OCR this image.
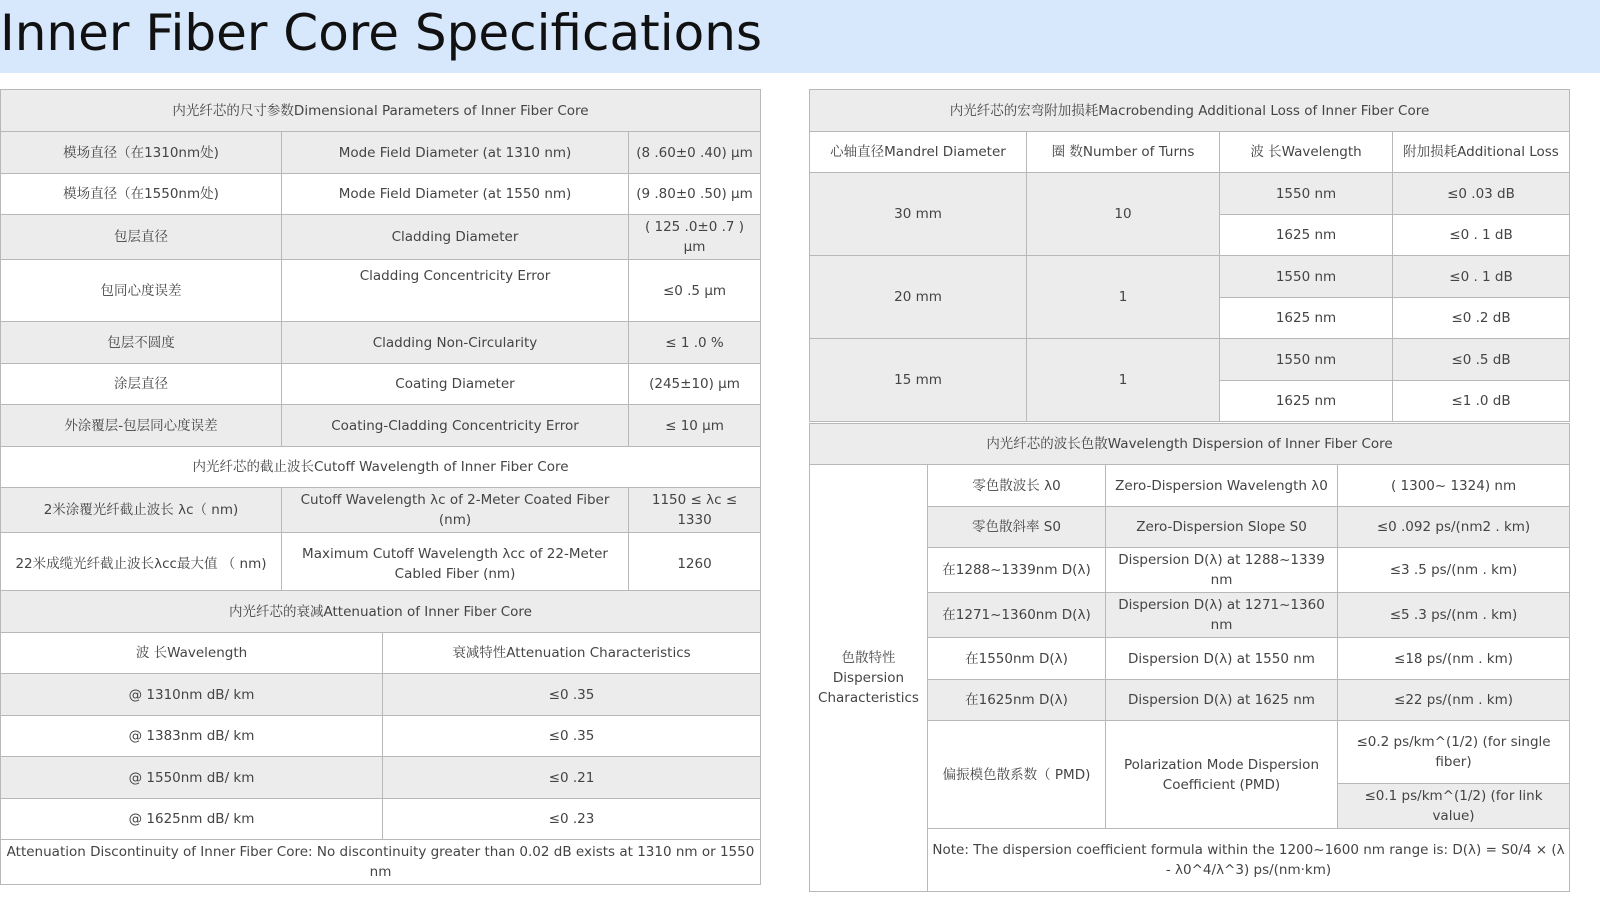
Inner Fiber Core Specifications
内光纤芯的尺寸参数Dimensional Parameters of Inner Fiber Core		
模场直径（在1310nm处)	Mode Field Diameter (at 1310 nm)	(8 .60±0 .40) μm
模场直径（在1550nm处)	Mode Field Diameter (at 1550 nm)	(9 .80±0 .50) μm
包层直径	Cladding Diameter	( 125 .0±0 .7 ) μm
包同心度误差	Cladding Concentricity Error	≤0 .5 μm
包层不圆度	Cladding Non-Circularity	≤ 1 .0 %
涂层直径	Coating Diameter	(245±10) μm
外涂覆层-包层同心度误差	Coating-Cladding Concentricity Error	≤ 10 μm
内光纤芯的截止波长Cutoff Wavelength of Inner Fiber Core		
2米涂覆光纤截止波长 λc（ nm)	Cutoff Wavelength λc of 2-Meter Coated Fiber (nm)	1150 ≤ λc ≤ 1330
22米成缆光纤截止波长λcc最大值 （ nm)	Maximum Cutoff Wavelength λcc of 22-Meter Cabled Fiber (nm)	1260
内光纤芯的衰减Attenuation of Inner Fiber Core	
波 长Wavelength	衰减特性Attenuation Characteristics
@ 1310nm dB/ km	≤0 .35
@ 1383nm dB/ km	≤0 .35
@ 1550nm dB/ km	≤0 .21
@ 1625nm dB/ km	≤0 .23
Attenuation Discontinuity of Inner Fiber Core: No discontinuity greater than 0.02 dB exists at 1310 nm or 1550 nm	
内光纤芯的宏弯附加损耗Macrobending Additional Loss of Inner Fiber Core			
心轴直径Mandrel Diameter	圈 数Number of Turns	波 长Wavelength	附加损耗Additional Loss
30 mm	10	1550 nm	≤0 .03 dB
		1625 nm	≤0 . 1 dB
20 mm	1	1550 nm	≤0 . 1 dB
		1625 nm	≤0 .2 dB
15 mm	1	1550 nm	≤0 .5 dB
		1625 nm	≤1 .0 dB
内光纤芯的波长色散Wavelength Dispersion of Inner Fiber Core			
色散特性
Dispersion Characteristics	零色散波长 λ0	Zero-Dispersion Wavelength λ0	( 1300~ 1324) nm
	零色散斜率 S0	Zero-Dispersion Slope S0	≤0 .092 ps/(nm2 . km)
	在1288~1339nm D(λ)	Dispersion D(λ) at 1288~1339 nm	≤3 .5 ps/(nm . km)
	在1271~1360nm D(λ)	Dispersion D(λ) at 1271~1360 nm	≤5 .3 ps/(nm . km)
	在1550nm D(λ)	Dispersion D(λ) at 1550 nm	≤18 ps/(nm . km)
	在1625nm D(λ)	Dispersion D(λ) at 1625 nm	≤22 ps/(nm . km)
	偏振模色散系数（ PMD)	Polarization Mode Dispersion Coefficient (PMD)	≤0.2 ps/km^(1/2) (for single fiber)
			≤0.1 ps/km^(1/2) (for link value)
	Note: The dispersion coefficient formula within the 1200~1600 nm range is: D(λ) = S0/4 × (λ - λ0^4/λ^3) ps/(nm·km)		
